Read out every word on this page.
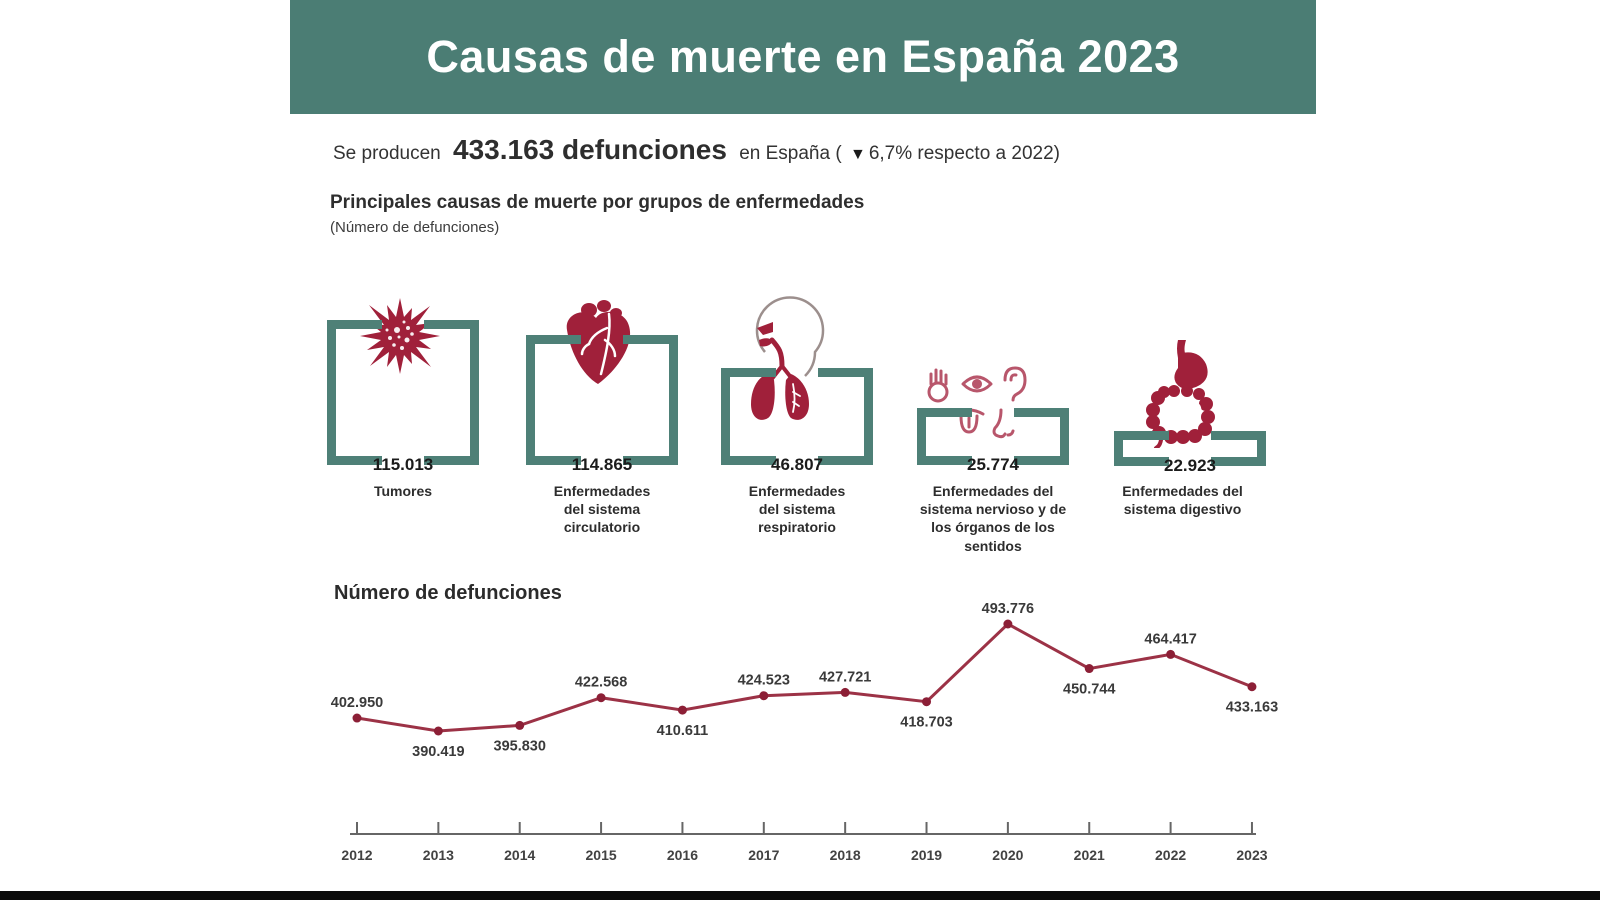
Causas de muerte en España 2023
Se producen 433.163 defunciones en España ( ▼ 6,7% respecto a 2022)
Principales causas de muerte por grupos de enfermedades
(Número de defunciones)
115.013
Tumores
114.865
Enfermedades del sistema circulatorio
46.807
Enfermedades del sistema respiratorio
25.774
Enfermedades del sistema nervioso y de los órganos de los sentidos
22.923
Enfermedades del sistema digestivo
Número de defunciones
2012	2013	2014	2015	2016	2017	2018	2019	2020	2021	2022	2023
402.950
390.419 395.830
422.568
410.611
424.523 427.721
418.703
493.776
450.744
464.417
433.163
